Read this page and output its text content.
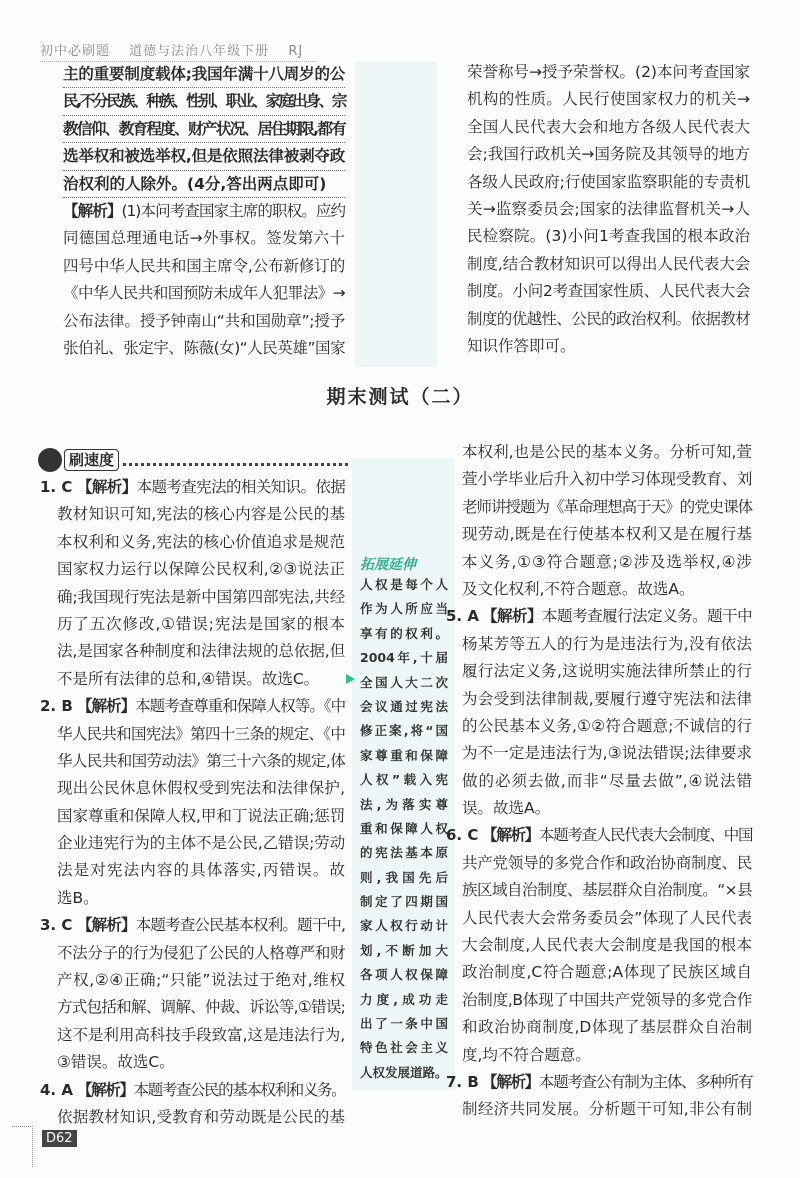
初中必刷题 道德与法治八年级下册 RJ
主的重要制度载体;我国年满十八周岁的公
民,不分民族、种族、性别、职业、家庭出身、宗
教信仰、教育程度、财产状况、居住期限,都有
选举权和被选举权,但是依照法律被剥夺政
治权利的人除外。(4分,答出两点即可)
【解析】(1)本问考查国家主席的职权。应约
同德国总理通电话→外事权。签发第六十
四号中华人民共和国主席令,公布新修订的
《中华人民共和国预防未成年人犯罪法》→
公布法律。授予钟南山“共和国勋章”;授予
张伯礼、张定宇、陈薇(女)“人民英雄”国家
荣誉称号→授予荣誉权。(2)本问考查国家
机构的性质。人民行使国家权力的机关→
全国人民代表大会和地方各级人民代表大
会;我国行政机关→国务院及其领导的地方
各级人民政府;行使国家监察职能的专责机
关→监察委员会;国家的法律监督机关→人
民检察院。(3)小问1考查我国的根本政治
制度,结合教材知识可以得出人民代表大会
制度。小问2考查国家性质、人民代表大会
制度的优越性、公民的政治权利。依据教材
知识作答即可。
期末测试（二）
刷速度
1. C 【解析】本题考查宪法的相关知识。依据
教材知识可知,宪法的核心内容是公民的基
本权利和义务,宪法的核心价值追求是规范
国家权力运行以保障公民权利,②③说法正
确;我国现行宪法是新中国第四部宪法,共经
历了五次修改,①错误;宪法是国家的根本
法,是国家各种制度和法律法规的总依据,但
不是所有法律的总和,④错误。故选C。
2. B 【解析】本题考查尊重和保障人权等。《中
华人民共和国宪法》第四十三条的规定、《中
华人民共和国劳动法》第三十六条的规定,体
现出公民休息休假权受到宪法和法律保护,
国家尊重和保障人权,甲和丁说法正确;惩罚
企业违宪行为的主体不是公民,乙错误;劳动
法是对宪法内容的具体落实,丙错误。故
选B。
3. C 【解析】本题考查公民基本权利。题干中,
不法分子的行为侵犯了公民的人格尊严和财
产权,②④正确;“只能”说法过于绝对,维权
方式包括和解、调解、仲裁、诉讼等,①错误;
这不是利用高科技手段致富,这是违法行为,
③错误。故选C。
4. A 【解析】本题考查公民的基本权利和义务。
依据教材知识,受教育和劳动既是公民的基
拓展延伸
人权是每个人
作为人所应当
享有的权利。
2004年,十届
全国人大二次
会议通过宪法
修正案,将“国
家尊重和保障
人权”载入宪
法,为落实尊
重和保障人权
的宪法基本原
则,我国先后
制定了四期国
家人权行动计
划,不断加大
各项人权保障
力度,成功走
出了一条中国
特色社会主义
人权发展道路。
本权利,也是公民的基本义务。分析可知,萱
萱小学毕业后升入初中学习体现受教育、刘
老师讲授题为《革命理想高于天》的党史课体
现劳动,既是在行使基本权利又是在履行基
本义务,①③符合题意;②涉及选举权,④涉
及文化权利,不符合题意。故选A。
5. A 【解析】本题考查履行法定义务。题干中
杨某芳等五人的行为是违法行为,没有依法
履行法定义务,这说明实施法律所禁止的行
为会受到法律制裁,要履行遵守宪法和法律
的公民基本义务,①②符合题意;不诚信的行
为不一定是违法行为,③说法错误;法律要求
做的必须去做,而非“尽量去做”,④说法错
误。故选A。
6. C 【解析】本题考查人民代表大会制度、中国
共产党领导的多党合作和政治协商制度、民
族区域自治制度、基层群众自治制度。“×县
人民代表大会常务委员会”体现了人民代表
大会制度,人民代表大会制度是我国的根本
政治制度,C符合题意;A体现了民族区域自
治制度,B体现了中国共产党领导的多党合作
和政治协商制度,D体现了基层群众自治制
度,均不符合题意。
7. B 【解析】本题考查公有制为主体、多种所有
制经济共同发展。分析题干可知,非公有制
D62
